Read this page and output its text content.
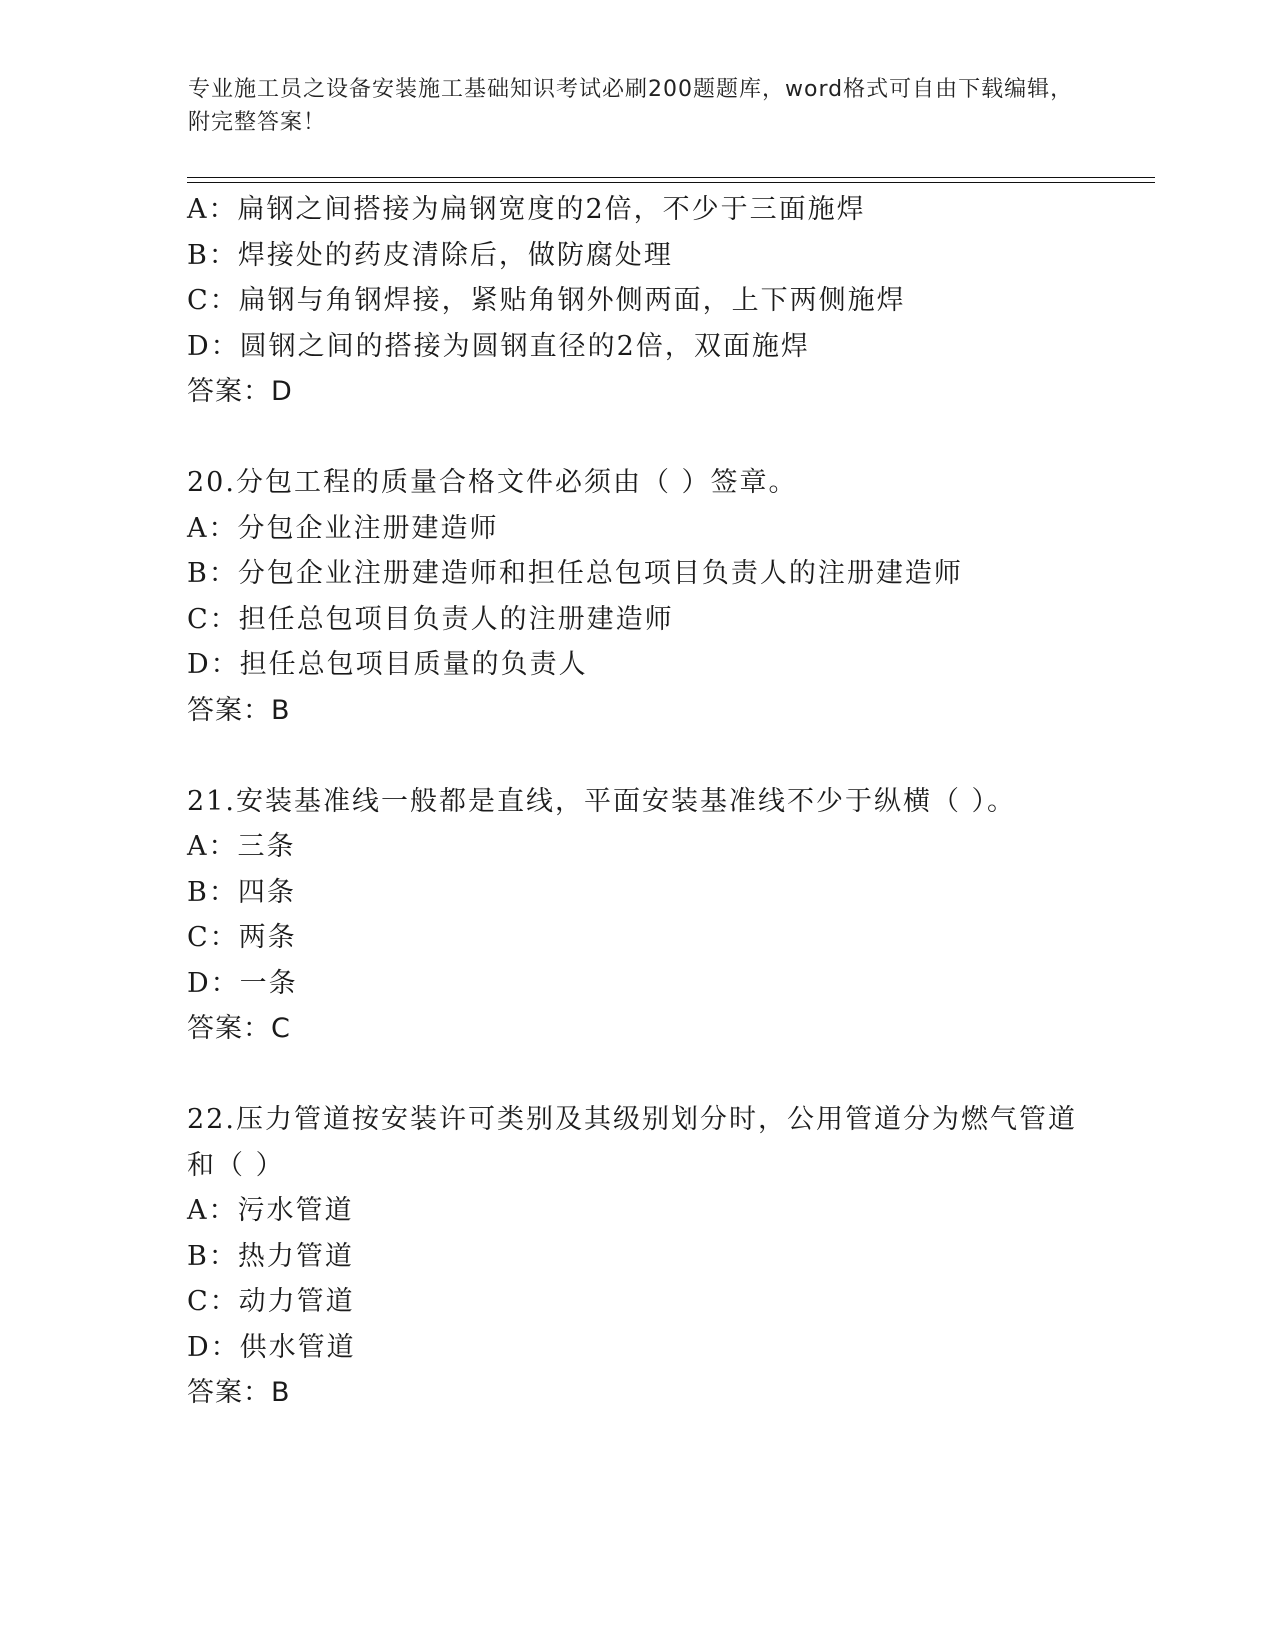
专业施工员之设备安装施工基础知识考试必刷200题题库，word格式可自由下载编辑，附完整答案！
A：扁钢之间搭接为扁钢宽度的2倍，不少于三面施焊
B：焊接处的药皮清除后，做防腐处理
C：扁钢与角钢焊接，紧贴角钢外侧两面，上下两侧施焊
D：圆钢之间的搭接为圆钢直径的2倍，双面施焊
答案：D
20.分包工程的质量合格文件必须由（ ）签章。
A：分包企业注册建造师
B：分包企业注册建造师和担任总包项目负责人的注册建造师
C：担任总包项目负责人的注册建造师
D：担任总包项目质量的负责人
答案：B
21.安装基准线一般都是直线，平面安装基准线不少于纵横（ ）。
A：三条
B：四条
C：两条
D：一条
答案：C
22.压力管道按安装许可类别及其级别划分时，公用管道分为燃气管道
和（ ）
A：污水管道
B：热力管道
C：动力管道
D：供水管道
答案：B
